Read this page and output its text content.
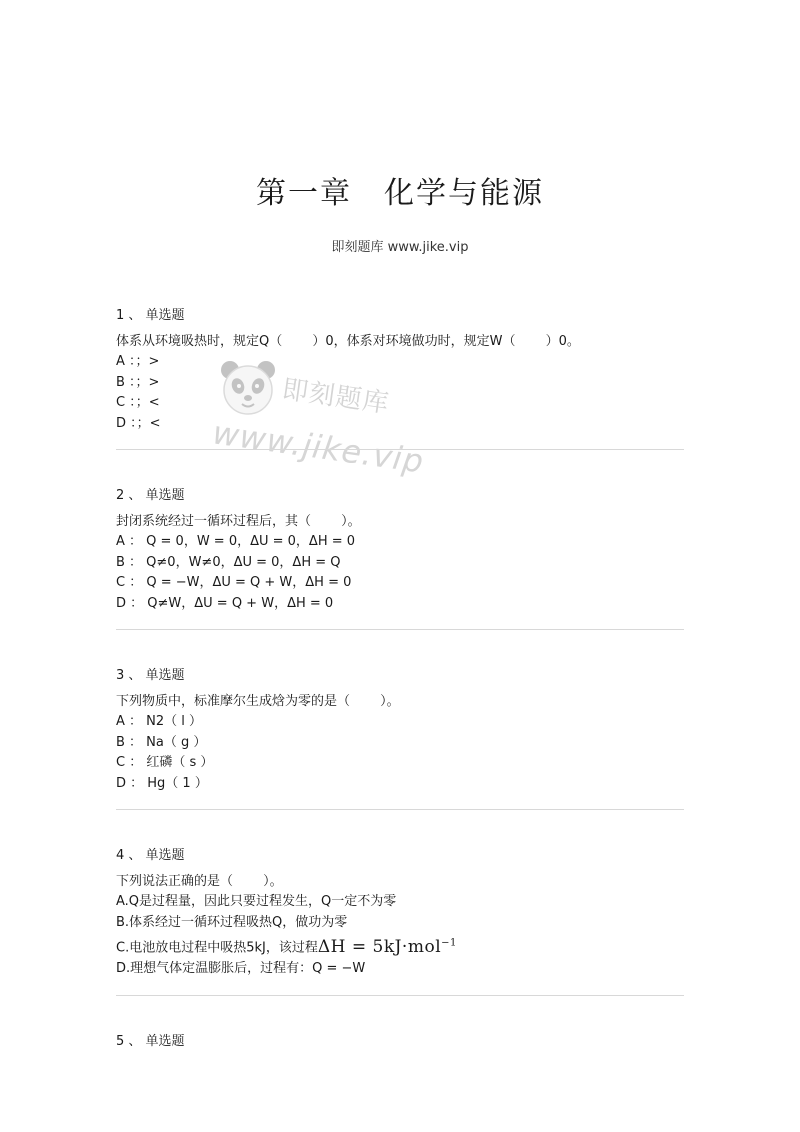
第一章　化学与能源
即刻题库 www.jike.vip
即刻题库
www.jike.vip
1 、 单选题
体系从环境吸热时，规定Q（　　 ）0，体系对环境做功时，规定W（　　 ）0。
A ：；>
B ：；>
C ：；<
D ：；<
2 、 单选题
封闭系统经过一循环过程后，其（　　 ）。
A ： Q = 0，W = 0，ΔU = 0，ΔH = 0
B ： Q≠0，W≠0，ΔU = 0，ΔH = Q
C ： Q = −W，ΔU = Q + W，ΔH = 0
D ： Q≠W，ΔU = Q + W，ΔH = 0
3 、 单选题
下列物质中，标准摩尔生成焓为零的是（　　 ）。
A ： N2（ l ）
B ： Na（ g ）
C ： 红磷（ s ）
D ： Hg（ 1 ）
4 、 单选题
下列说法正确的是（　　 ）。
A.Q是过程量，因此只要过程发生，Q一定不为零
B.体系经过一循环过程吸热Q，做功为零
C.电池放电过程中吸热5kJ，该过程ΔH = 5kJ·mol$^{-1}$
D.理想气体定温膨胀后，过程有：Q = −W
5 、 单选题
